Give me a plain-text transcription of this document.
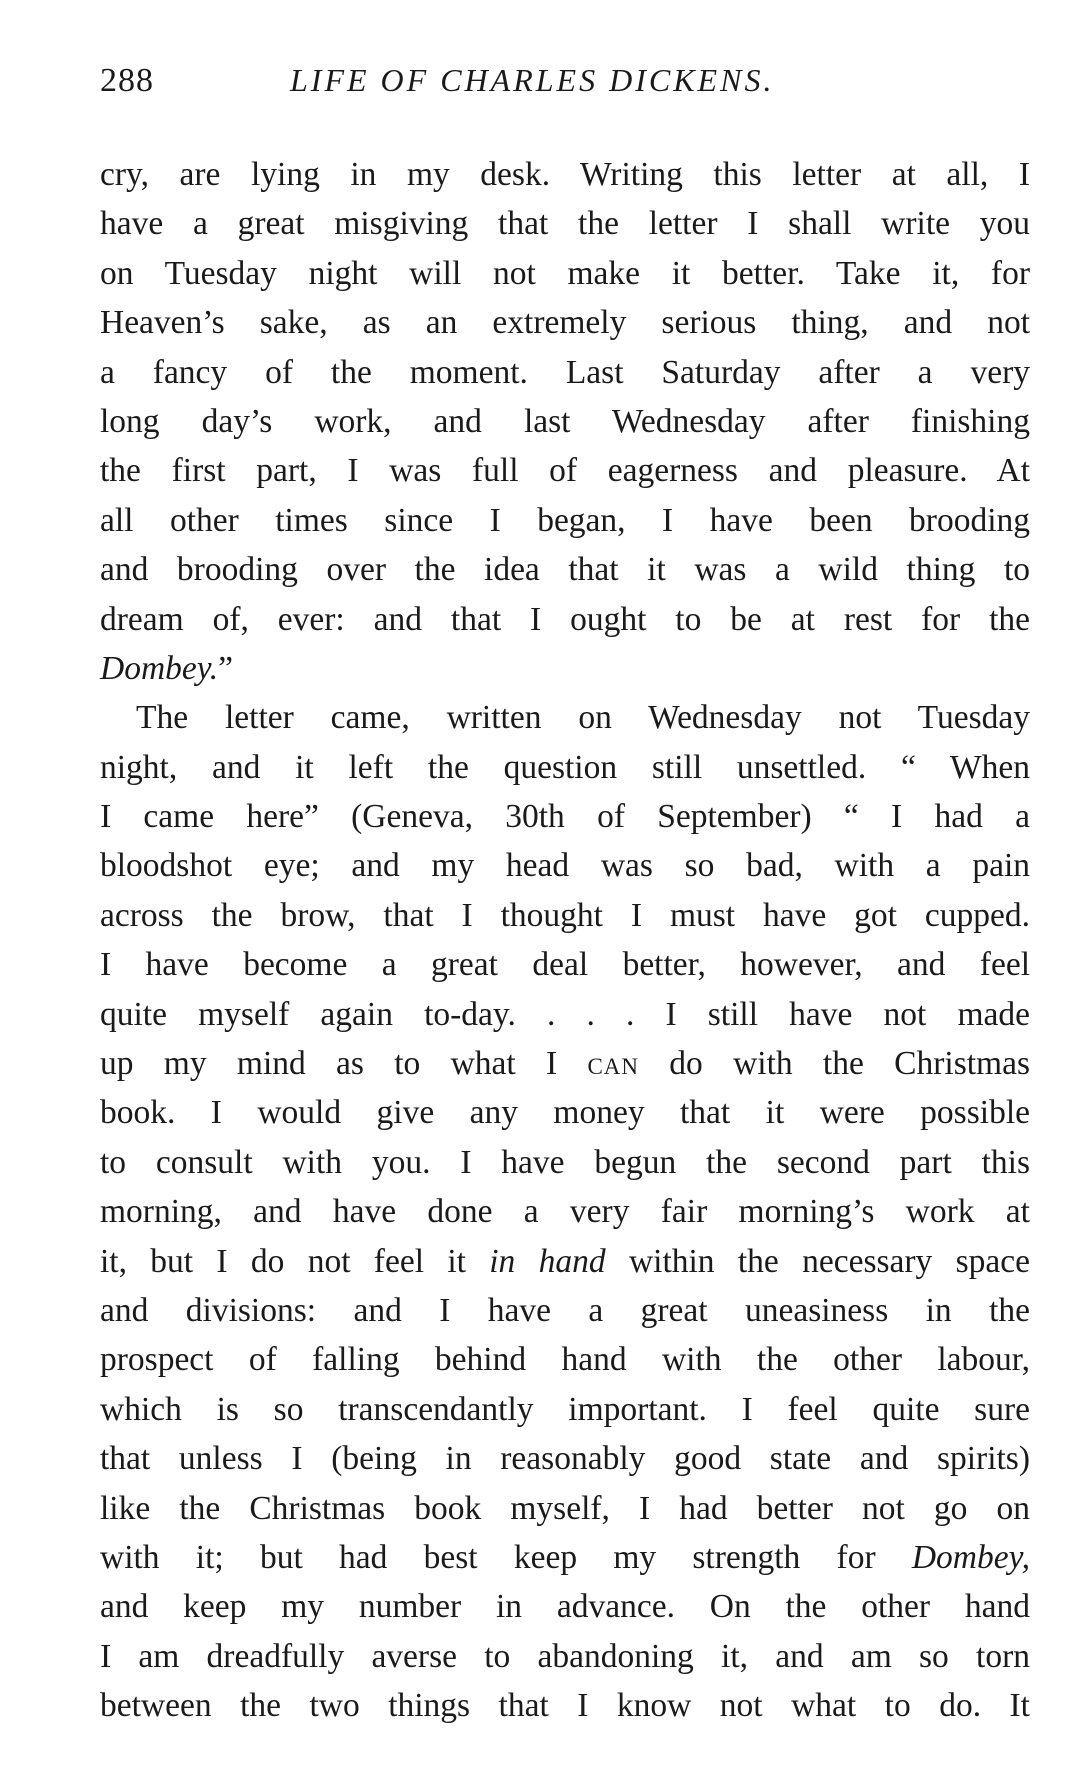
288	LIFE OF CHARLES DICKENS.
cry, are lying in my desk. Writing this letter at all, I
have a great misgiving that the letter I shall write you
on Tuesday night will not make it better. Take it, for
Heaven’s sake, as an extremely serious thing, and not
a fancy of the moment. Last Saturday after a very
long day’s work, and last Wednesday after finishing
the first part, I was full of eagerness and pleasure. At
all other times since I began, I have been brooding
and brooding over the idea that it was a wild thing to
dream of, ever: and that I ought to be at rest for the
Dombey.”
The letter came, written on Wednesday not Tuesday
night, and it left the question still unsettled. “ When
I came here” (Geneva, 30th of September) “ I had a
bloodshot eye; and my head was so bad, with a pain
across the brow, that I thought I must have got cupped.
I have become a great deal better, however, and feel
quite myself again to-day. . . . I still have not made
up my mind as to what I can do with the Christmas
book. I would give any money that it were possible
to consult with you. I have begun the second part this
morning, and have done a very fair morning’s work at
it, but I do not feel it in hand within the necessary space
and divisions: and I have a great uneasiness in the
prospect of falling behind hand with the other labour,
which is so transcendantly important. I feel quite sure
that unless I (being in reasonably good state and spirits)
like the Christmas book myself, I had better not go on
with it; but had best keep my strength for Dombey,
and keep my number in advance. On the other hand
I am dreadfully averse to abandoning it, and am so torn
between the two things that I know not what to do. It
